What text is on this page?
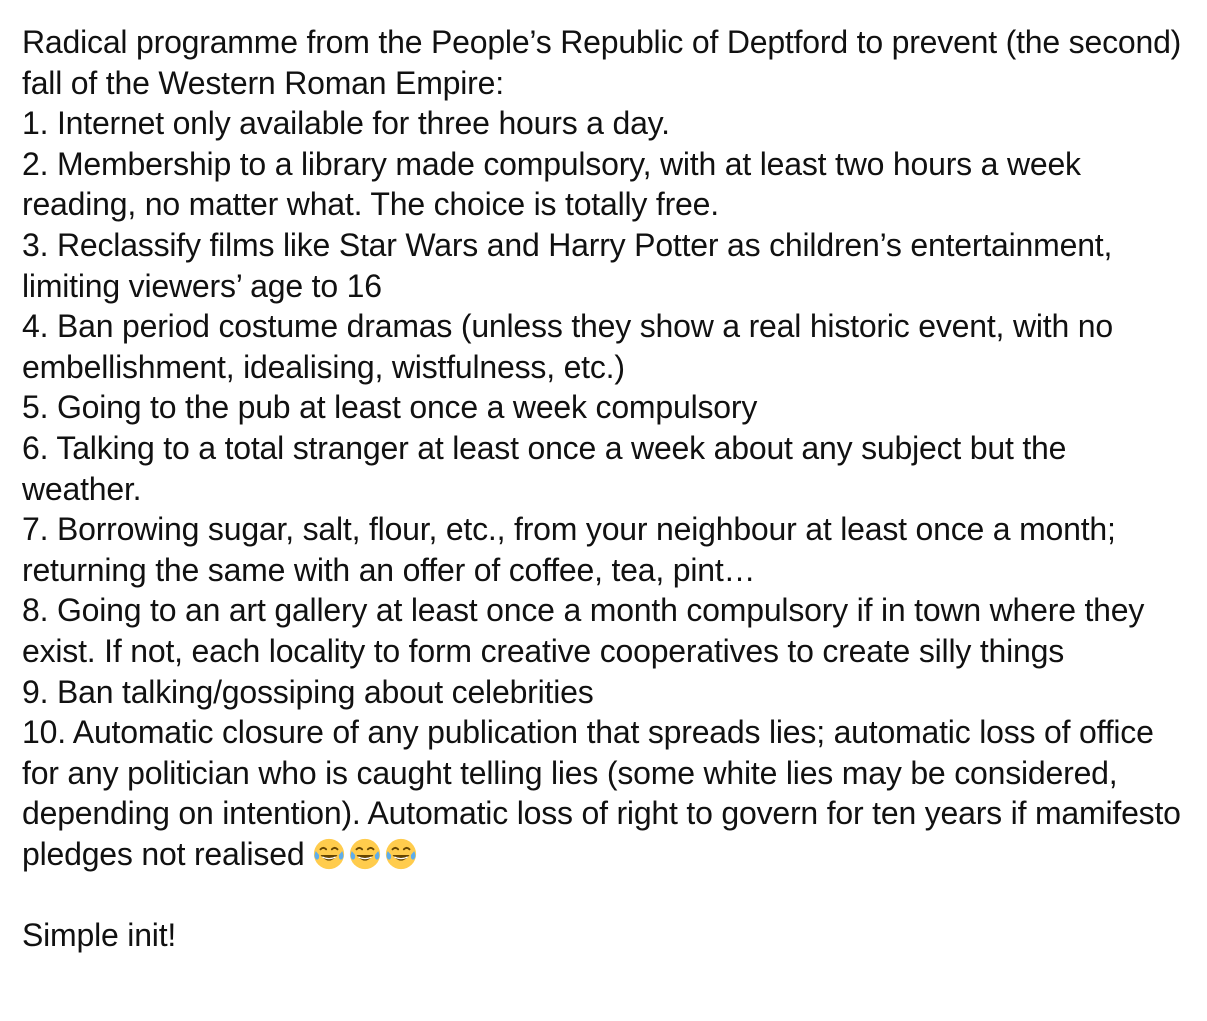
Radical programme from the People’s Republic of Deptford to prevent (the second) fall of the Western Roman Empire:

1. Internet only available for three hours a day.

2. Membership to a library made compulsory, with at least two hours a week reading, no matter what. The choice is totally free.

3. Reclassify films like Star Wars and Harry Potter as children’s entertainment, limiting viewers’ age to 16

4. Ban period costume dramas (unless they show a real historic event, with no embellishment, idealising, wistfulness, etc.)

5. Going to the pub at least once a week compulsory

6. Talking to a total stranger at least once a week about any subject but the weather.

7. Borrowing sugar, salt, flour, etc., from your neighbour at least once a month; returning the same with an offer of coffee, tea, pint…

8. Going to an art gallery at least once a month compulsory if in town where they exist. If not, each locality to form creative cooperatives to create silly things

9. Ban talking/gossiping about celebrities

10. Automatic closure of any publication that spreads lies; automatic loss of office for any politician who is caught telling lies (some white lies may be considered, depending on intention). Automatic loss of right to govern for ten years if mamifesto pledges not realised

Simple init!
